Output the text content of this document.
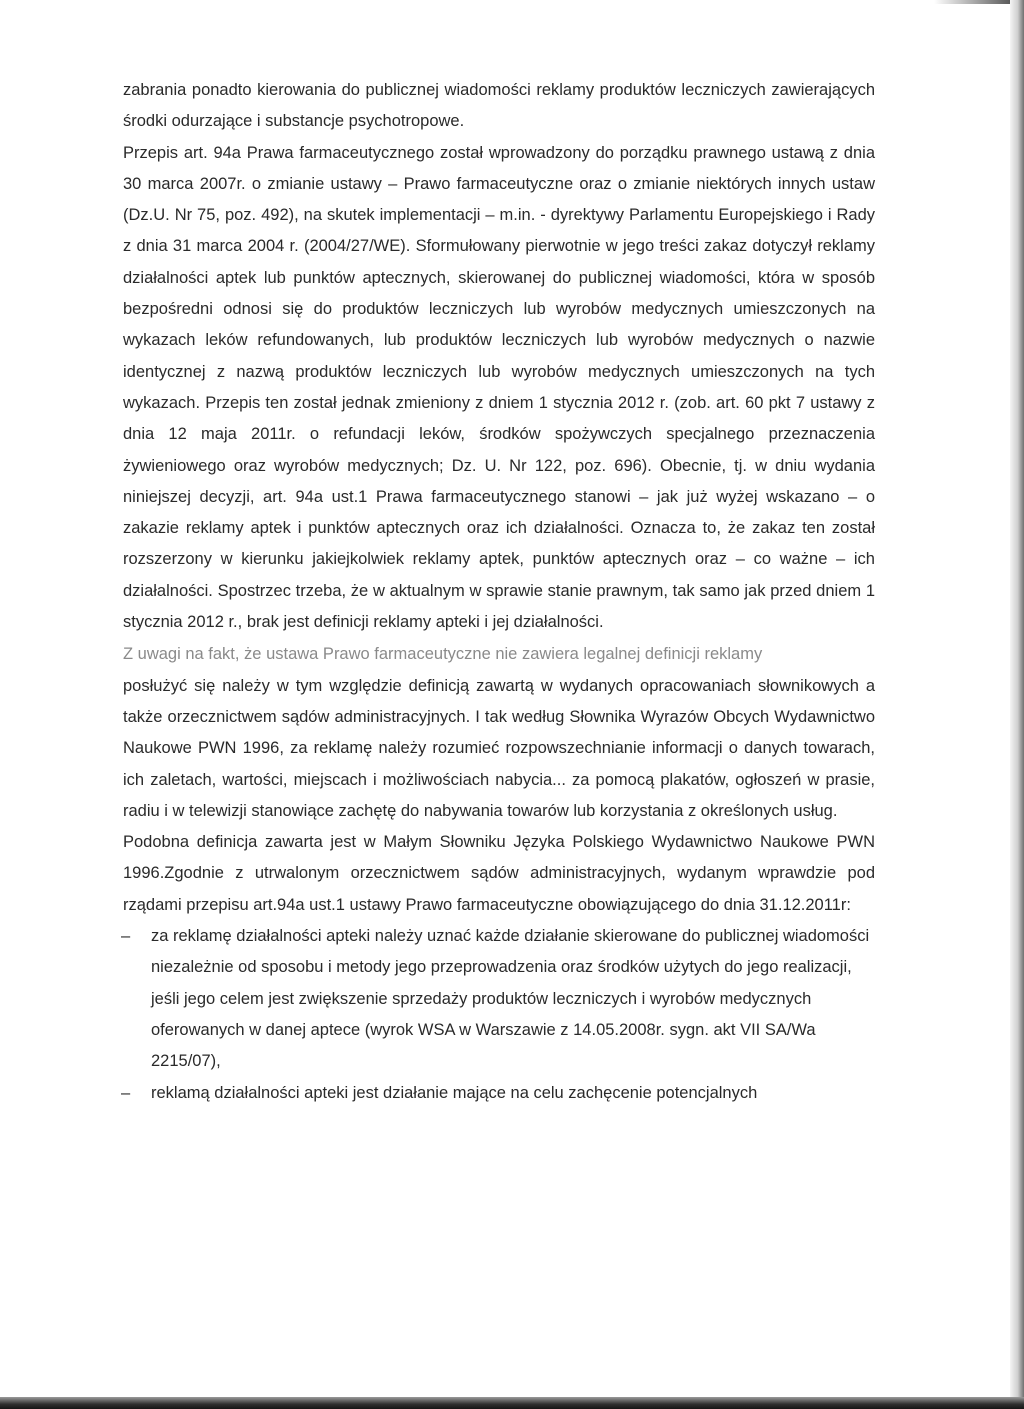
zabrania ponadto kierowania do publicznej wiadomości reklamy produktów leczniczych zawierających środki odurzające i substancje psychotropowe.

Przepis art. 94a Prawa farmaceutycznego został wprowadzony do porządku prawnego ustawą z dnia 30 marca 2007r. o zmianie ustawy – Prawo farmaceutyczne oraz o zmianie niektórych innych ustaw (Dz.U. Nr 75, poz. 492), na skutek implementacji – m.in. - dyrektywy Parlamentu Europejskiego i Rady z dnia 31 marca 2004 r. (2004/27/WE). Sformułowany pierwotnie w jego treści zakaz dotyczył reklamy działalności aptek lub punktów aptecznych, skierowanej do publicznej wiadomości, która w sposób bezpośredni odnosi się do produktów leczniczych lub wyrobów medycznych umieszczonych na wykazach leków refundowanych, lub produktów leczniczych lub wyrobów medycznych o nazwie identycznej z nazwą produktów leczniczych lub wyrobów medycznych umieszczonych na tych wykazach. Przepis ten został jednak zmieniony z dniem 1 stycznia 2012 r. (zob. art. 60 pkt 7 ustawy z dnia 12 maja 2011r. o refundacji leków, środków spożywczych specjalnego przeznaczenia żywieniowego oraz wyrobów medycznych; Dz. U. Nr 122, poz. 696). Obecnie, tj. w dniu wydania niniejszej decyzji, art. 94a ust.1 Prawa farmaceutycznego stanowi – jak już wyżej wskazano – o zakazie reklamy aptek i punktów aptecznych oraz ich działalności. Oznacza to, że zakaz ten został rozszerzony w kierunku jakiejkolwiek reklamy aptek, punktów aptecznych oraz – co ważne – ich działalności. Spostrzec trzeba, że w aktualnym w sprawie stanie prawnym, tak samo jak przed dniem 1 stycznia 2012 r., brak jest definicji reklamy apteki i jej działalności.

Z uwagi na fakt, że ustawa Prawo farmaceutyczne nie zawiera legalnej definicji reklamy

posłużyć się należy w tym względzie definicją zawartą w wydanych opracowaniach słownikowych a także orzecznictwem sądów administracyjnych. I tak według Słownika Wyrazów Obcych Wydawnictwo Naukowe PWN 1996, za reklamę należy rozumieć rozpowszechnianie informacji o danych towarach, ich zaletach, wartości, miejscach i możliwościach nabycia... za pomocą plakatów, ogłoszeń w prasie, radiu i w telewizji stanowiące zachętę do nabywania towarów lub korzystania z określonych usług.

Podobna definicja zawarta jest w Małym Słowniku Języka Polskiego Wydawnictwo Naukowe PWN 1996.Zgodnie z utrwalonym orzecznictwem sądów administracyjnych, wydanym wprawdzie pod rządami przepisu art.94a ust.1 ustawy Prawo farmaceutyczne obowiązującego do dnia 31.12.2011r:

– za reklamę działalności apteki należy uznać każde działanie skierowane do publicznej wiadomości niezależnie od sposobu i metody jego przeprowadzenia oraz środków użytych do jego realizacji, jeśli jego celem jest zwiększenie sprzedaży produktów leczniczych i wyrobów medycznych oferowanych w danej aptece (wyrok WSA w Warszawie z 14.05.2008r. sygn. akt VII SA/Wa 2215/07),
– reklamą działalności apteki jest działanie mające na celu zachęcenie potencjalnych
